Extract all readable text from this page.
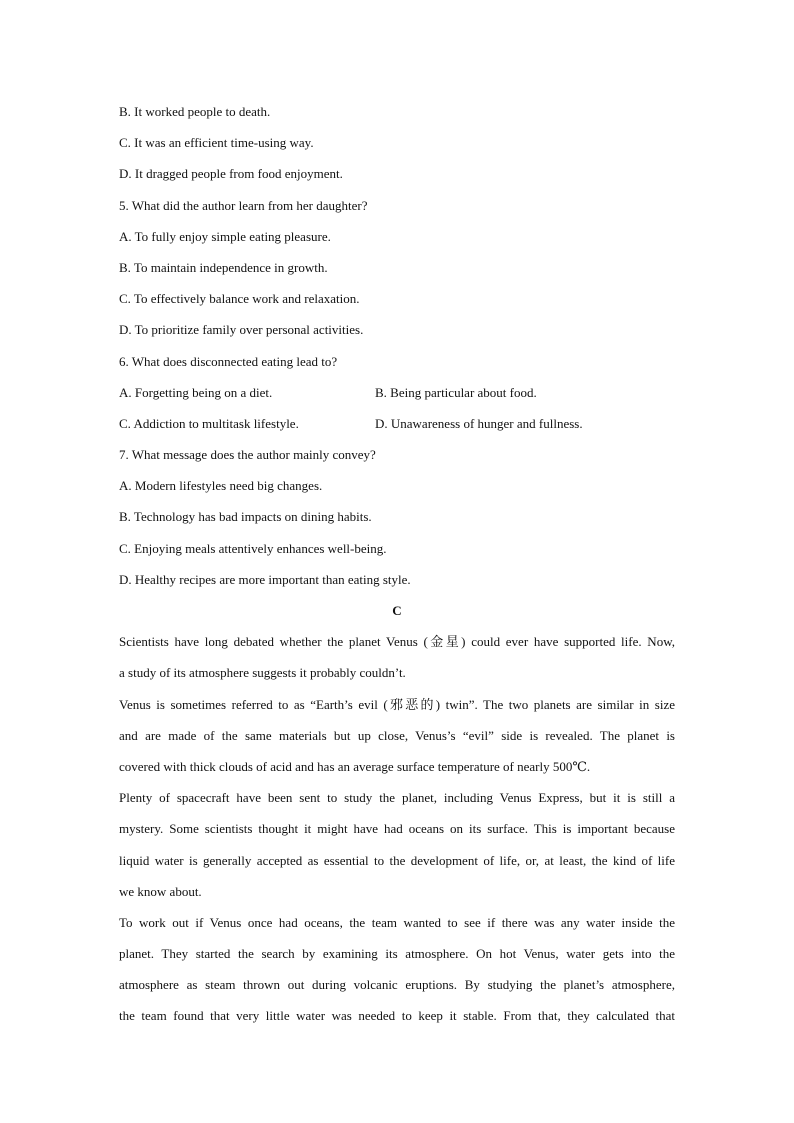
B. It worked people to death.
C. It was an efficient time-using way.
D. It dragged people from food enjoyment.
5. What did the author learn from her daughter?
A. To fully enjoy simple eating pleasure.
B. To maintain independence in growth.
C. To effectively balance work and relaxation.
D. To prioritize family over personal activities.
6. What does disconnected eating lead to?
A. Forgetting being on a diet.	B. Being particular about food.
C. Addiction to multitask lifestyle.	D. Unawareness of hunger and fullness.
7. What message does the author mainly convey?
A. Modern lifestyles need big changes.
B. Technology has bad impacts on dining habits.
C. Enjoying meals attentively enhances well-being.
D. Healthy recipes are more important than eating style.
C
Scientists have long debated whether the planet Venus (金星) could ever have supported life. Now,
a study of its atmosphere suggests it probably couldn’t.
Venus is sometimes referred to as “Earth’s evil (邪恶的) twin”. The two planets are similar in size
and are made of the same materials but up close, Venus’s “evil” side is revealed. The planet is
covered with thick clouds of acid and has an average surface temperature of nearly 500℃.
Plenty of spacecraft have been sent to study the planet, including Venus Express, but it is still a
mystery. Some scientists thought it might have had oceans on its surface. This is important because
liquid water is generally accepted as essential to the development of life, or, at least, the kind of life
we know about.
To work out if Venus once had oceans, the team wanted to see if there was any water inside the
planet. They started the search by examining its atmosphere. On hot Venus, water gets into the
atmosphere as steam thrown out during volcanic eruptions. By studying the planet’s atmosphere,
the team found that very little water was needed to keep it stable. From that, they calculated that
